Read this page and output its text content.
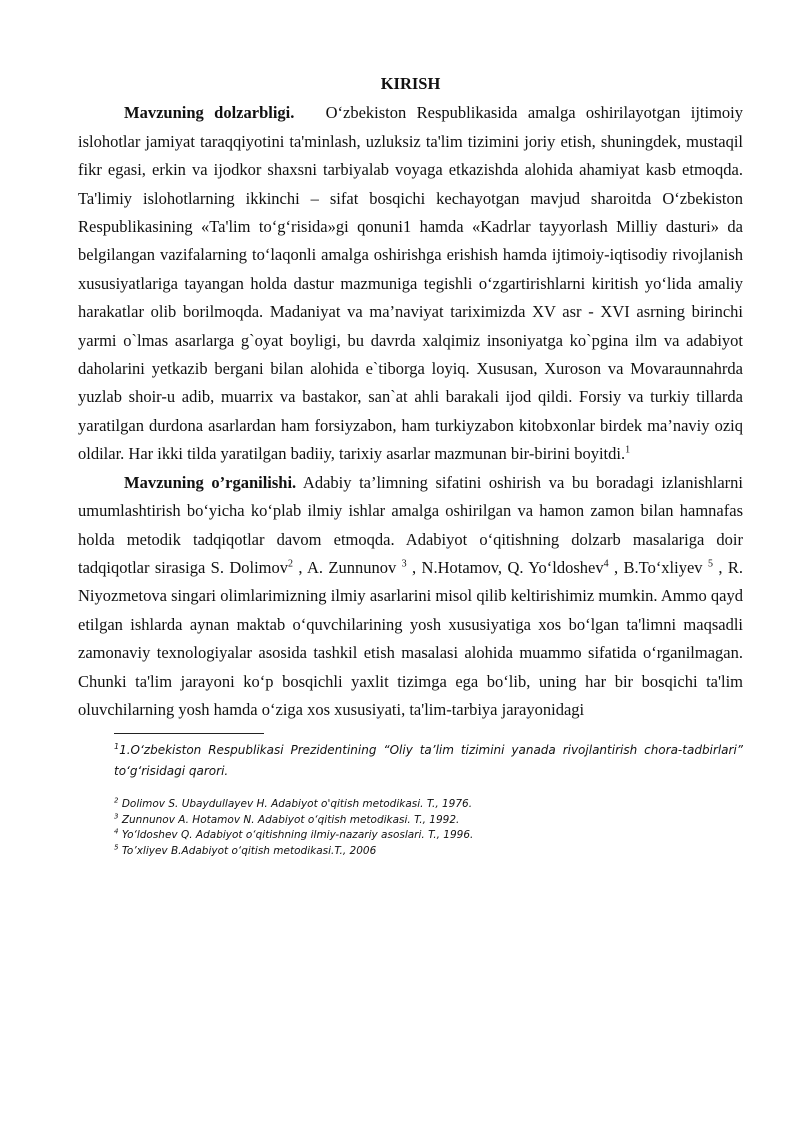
KIRISH

Mavzuning dolzarbligi. O‘zbekiston Respublikasida amalga oshirilayotgan ijtimoiy islohotlar jamiyat taraqqiyotini ta'minlash, uzluksiz ta'lim tizimini joriy etish, shuningdek, mustaqil fikr egasi, erkin va ijodkor shaxsni tarbiyalab voyaga etkazishda alohida ahamiyat kasb etmoqda. Ta'limiy islohotlarning ikkinchi – sifat bosqichi kechayotgan mavjud sharoitda O‘zbekiston Respublikasining «Ta'lim to‘g‘risida»gi qonuni1 hamda «Kadrlar tayyorlash Milliy dasturi» da belgilangan vazifalarning to‘laqonli amalga oshirishga erishish hamda ijtimoiy-iqtisodiy rivojlanish xususiyatlariga tayangan holda dastur mazmuniga tegishli o‘zgartirishlarni kiritish yo‘lida amaliy harakatlar olib borilmoqda. Madaniyat va ma’naviyat tariximizda XV asr - XVI asrning birinchi yarmi o`lmas asarlarga g`oyat boyligi, bu davrda xalqimiz insoniyatga ko`pgina ilm va adabiyot daholarini yetkazib bergani bilan alohida e`tiborga loyiq. Xususan, Xuroson va Movaraunnahrda yuzlab shoir-u adib, muarrix va bastakor, san`at ahli barakali ijod qildi. Forsiy va turkiy tillarda yaratilgan durdona asarlardan ham forsiyzabon, ham turkiyzabon kitobxonlar birdek ma’naviy oziq oldilar. Har ikki tilda yaratilgan badiiy, tarixiy asarlar mazmunan bir-birini boyitdi.$^1$

Mavzuning o’rganilishi. Adabiy ta’limning sifatini oshirish va bu boradagi izlanishlarni umumlashtirish bo‘yicha ko‘plab ilmiy ishlar amalga oshirilgan va hamon zamon bilan hamnafas holda metodik tadqiqotlar davom etmoqda. Adabiyot o‘qitishning dolzarb masalariga doir tadqiqotlar sirasiga S. Dolimov$^2$ , A. Zunnunov $^3$ , N.Hotamov, Q. Yo‘ldoshev$^4$ , B.To‘xliyev $^5$ , R. Niyozmetova singari olimlarimizning ilmiy asarlarini misol qilib keltirishimiz mumkin. Ammo qayd etilgan ishlarda aynan maktab o‘quvchilarining yosh xususiyatiga xos bo‘lgan ta'limni maqsadli zamonaviy texnologiyalar asosida tashkil etish masalasi alohida muammo sifatida o‘rganilmagan. Chunki ta'lim jarayoni ko‘p bosqichli yaxlit tizimga ega bo‘lib, uning har bir bosqichi ta'lim oluvchilarning yosh hamda o‘ziga xos xususiyati, ta'lim-tarbiya jarayonidagi

$^1$1.O‘zbekiston Respublikasi Prezidentining “Oliy ta’lim tizimini yanada rivojlantirish chora-tadbirlari” to‘g‘risidagi qarori.

$^2$ Dolimov S. Ubaydullayev H. Adabiyot o'qitish metodikasi. T., 1976.

$^3$ Zunnunov A. Hotamov N. Adabiyot o‘qitish metodikasi. T., 1992.

$^4$ Yo‘ldoshev Q. Adabiyot o‘qitishning ilmiy-nazariy asoslari. T., 1996.

$^5$ To’xliyev B.Adabiyot o‘qitish metodikasi.T., 2006
